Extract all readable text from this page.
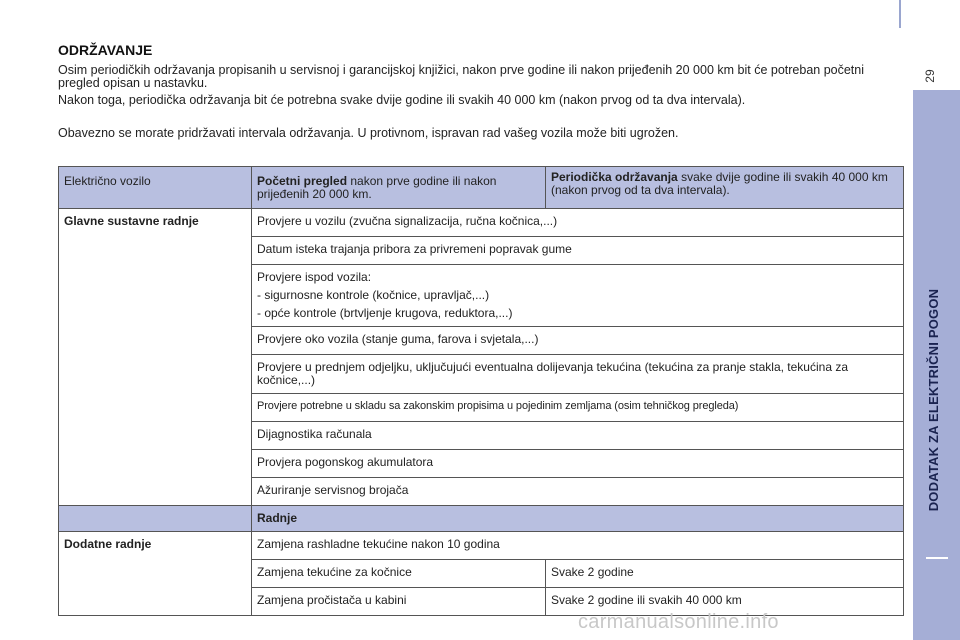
29
DODATAK ZA ELEKTRIČNI POGON
ODRŽAVANJE
Osim periodičkih održavanja propisanih u servisnoj i garancijskoj knjižici, nakon prve godine ili nakon prijeđenih 20 000 km bit će potreban početni pregled opisan u nastavku.
Nakon toga, periodička održavanja bit će potrebna svake dvije godine ili svakih 40 000 km (nakon prvog od ta dva intervala).
Obavezno se morate pridržavati intervala održavanja. U protivnom, ispravan rad vašeg vozila može biti ugrožen.
Električno vozilo	Početni pregled nakon prve godine ili nakon prijeđenih 20 000 km.	Periodička održavanja svake dvije godine ili svakih 40 000 km (nakon prvog od ta dva intervala).
Glavne sustavne radnje	Provjere u vozilu (zvučna signalizacija, ručna kočnica,...)	
	Datum isteka trajanja pribora za privremeni popravak gume	
	Provjere ispod vozila:
- sigurnosne kontrole (kočnice, upravljač,...)
- opće kontrole (brtvljenje krugova, reduktora,...)	

	Provjere oko vozila (stanje guma, farova i svjetala,...)	
	Provjere u prednjem odjeljku, uključujući eventualna dolijevanja tekućina (tekućina za pranje stakla, tekućina za kočnice,...)	
	Provjere potrebne u skladu sa zakonskim propisima u pojedinim zemljama (osim tehničkog pregleda)	
	Dijagnostika računala	
	Provjera pogonskog akumulatora	
	Ažuriranje servisnog brojača	
	Radnje	
Dodatne radnje	Zamjena rashladne tekućine nakon 10 godina	
	Zamjena tekućine za kočnice	Svake 2 godine
	Zamjena pročistača u kabini	Svake 2 godine ili svakih 40 000 km
carmanualsonline.info
